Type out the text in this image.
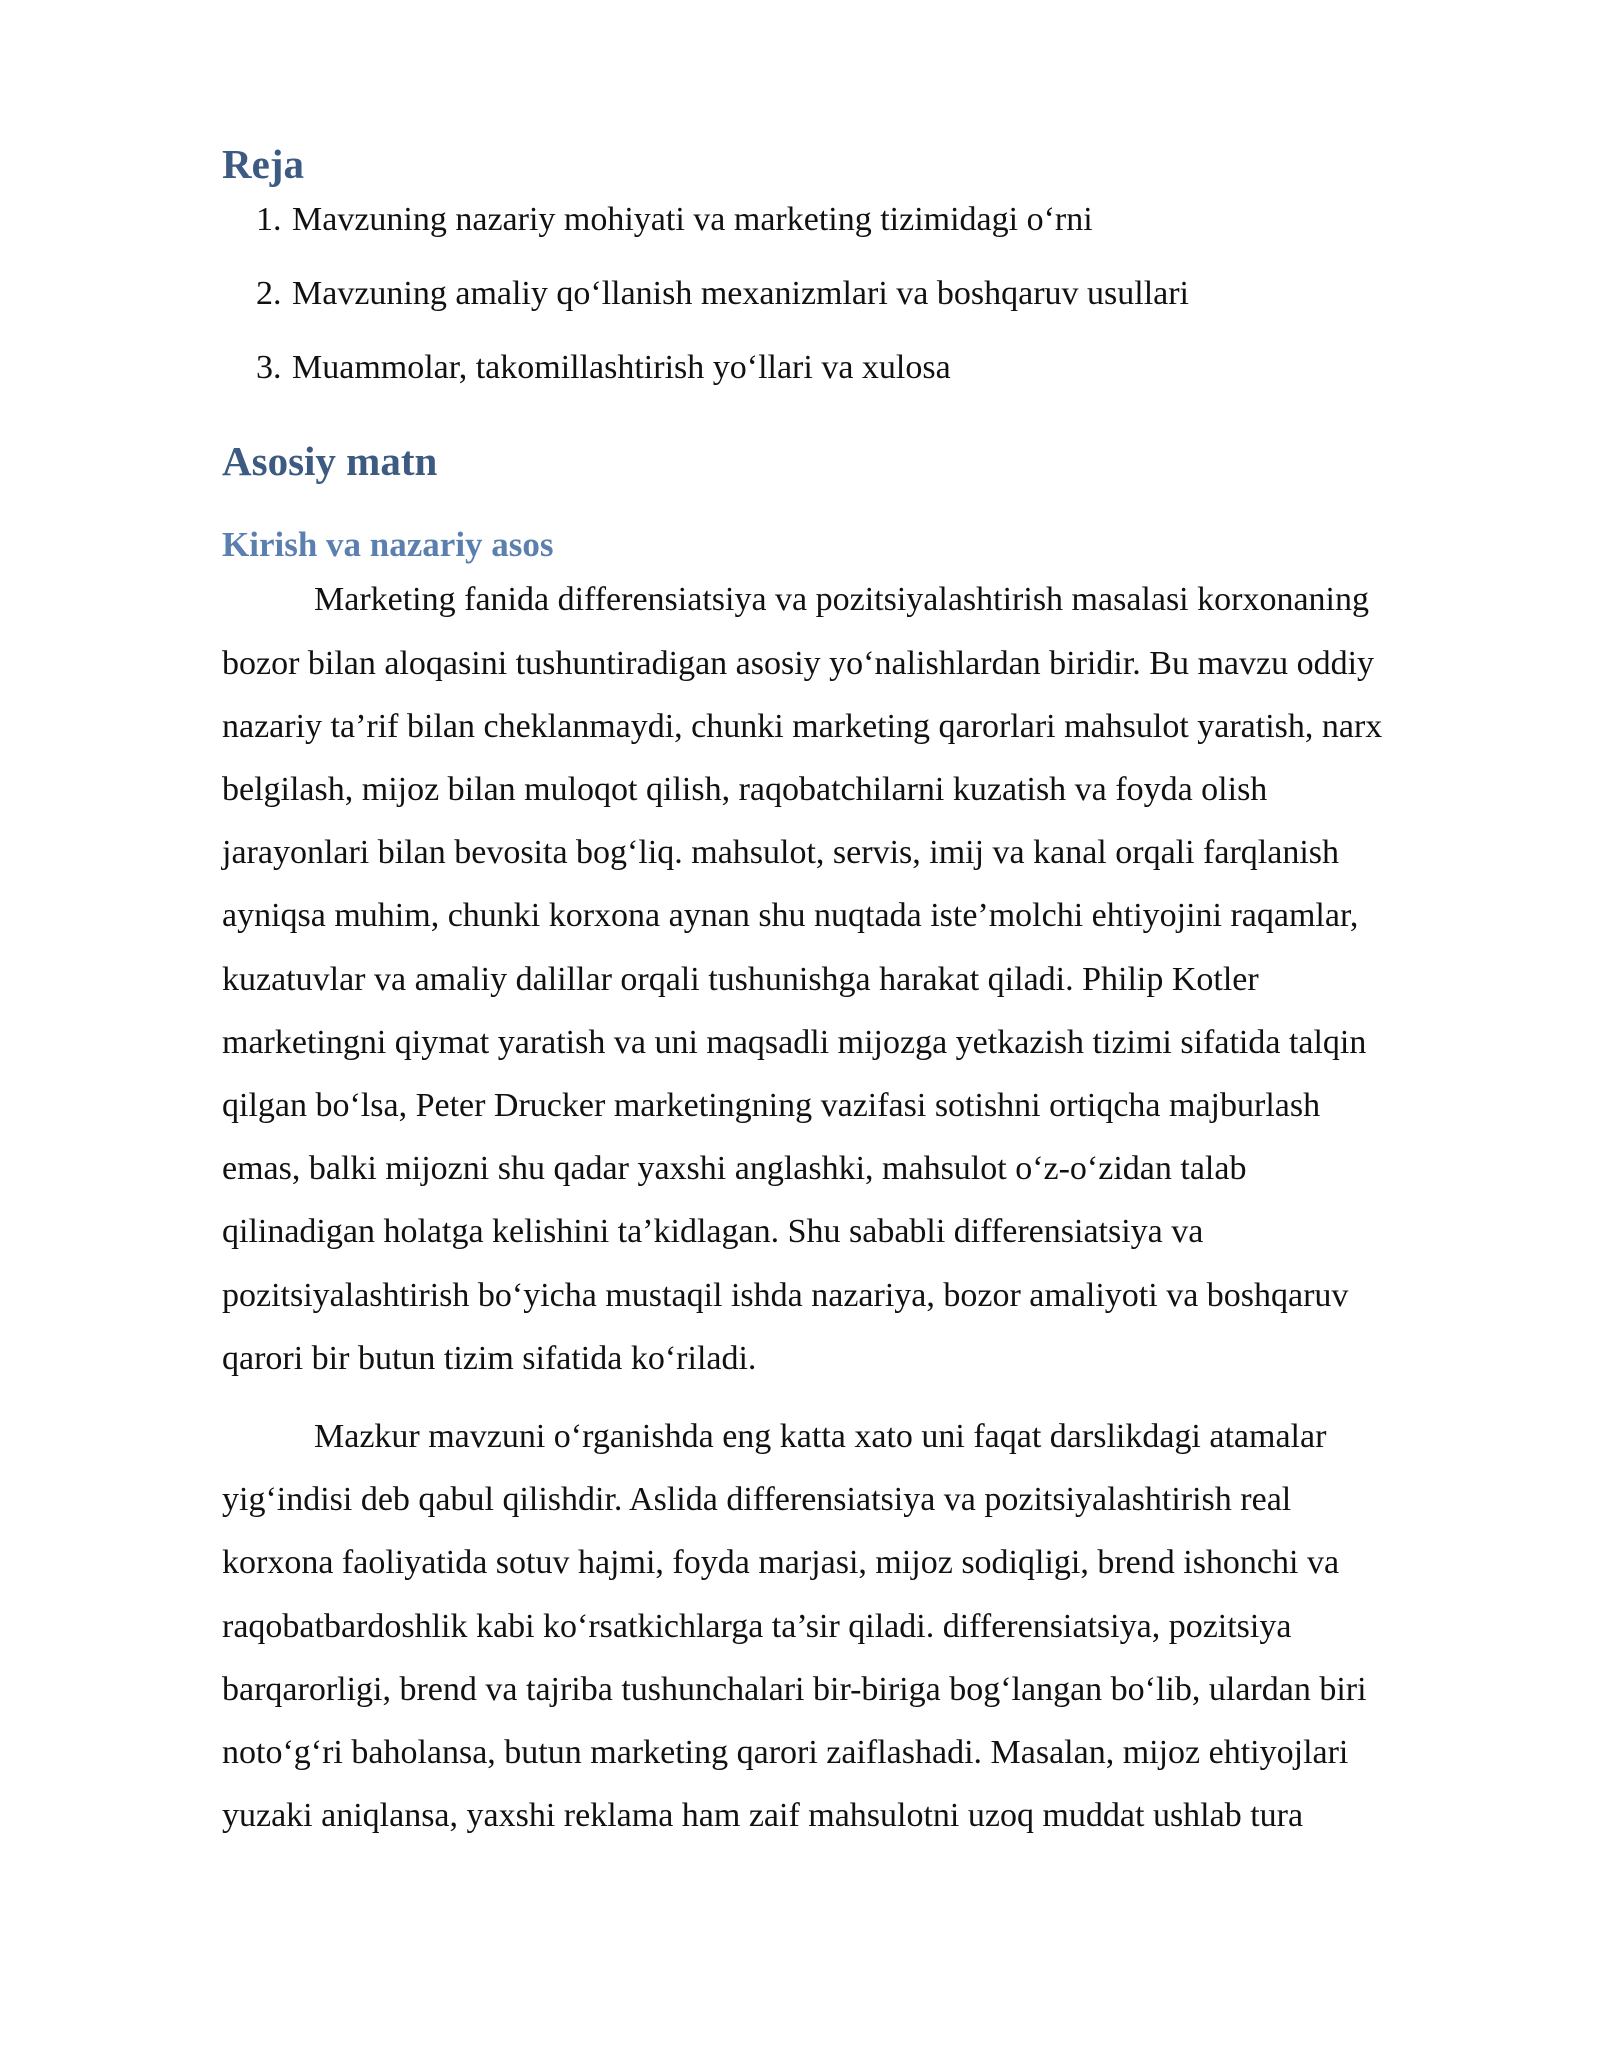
Reja
1. Mavzuning nazariy mohiyati va marketing tizimidagi o‘rni
2. Mavzuning amaliy qo‘llanish mexanizmlari va boshqaruv usullari
3. Muammolar, takomillashtirish yo‘llari va xulosa
Asosiy matn
Kirish va nazariy asos

Marketing fanida differensiatsiya va pozitsiyalashtirish masalasi korxonaning
bozor bilan aloqasini tushuntiradigan asosiy yo‘nalishlardan biridir. Bu mavzu oddiy
nazariy ta’rif bilan cheklanmaydi, chunki marketing qarorlari mahsulot yaratish, narx
belgilash, mijoz bilan muloqot qilish, raqobatchilarni kuzatish va foyda olish
jarayonlari bilan bevosita bog‘liq. mahsulot, servis, imij va kanal orqali farqlanish
ayniqsa muhim, chunki korxona aynan shu nuqtada iste’molchi ehtiyojini raqamlar,
kuzatuvlar va amaliy dalillar orqali tushunishga harakat qiladi. Philip Kotler
marketingni qiymat yaratish va uni maqsadli mijozga yetkazish tizimi sifatida talqin
qilgan bo‘lsa, Peter Drucker marketingning vazifasi sotishni ortiqcha majburlash
emas, balki mijozni shu qadar yaxshi anglashki, mahsulot o‘z-o‘zidan talab
qilinadigan holatga kelishini ta’kidlagan. Shu sababli differensiatsiya va
pozitsiyalashtirish bo‘yicha mustaqil ishda nazariya, bozor amaliyoti va boshqaruv
qarori bir butun tizim sifatida ko‘riladi.

Mazkur mavzuni o‘rganishda eng katta xato uni faqat darslikdagi atamalar
yig‘indisi deb qabul qilishdir. Aslida differensiatsiya va pozitsiyalashtirish real
korxona faoliyatida sotuv hajmi, foyda marjasi, mijoz sodiqligi, brend ishonchi va
raqobatbardoshlik kabi ko‘rsatkichlarga ta’sir qiladi. differensiatsiya, pozitsiya
barqarorligi, brend va tajriba tushunchalari bir-biriga bog‘langan bo‘lib, ulardan biri
noto‘g‘ri baholansa, butun marketing qarori zaiflashadi. Masalan, mijoz ehtiyojlari
yuzaki aniqlansa, yaxshi reklama ham zaif mahsulotni uzoq muddat ushlab tura
